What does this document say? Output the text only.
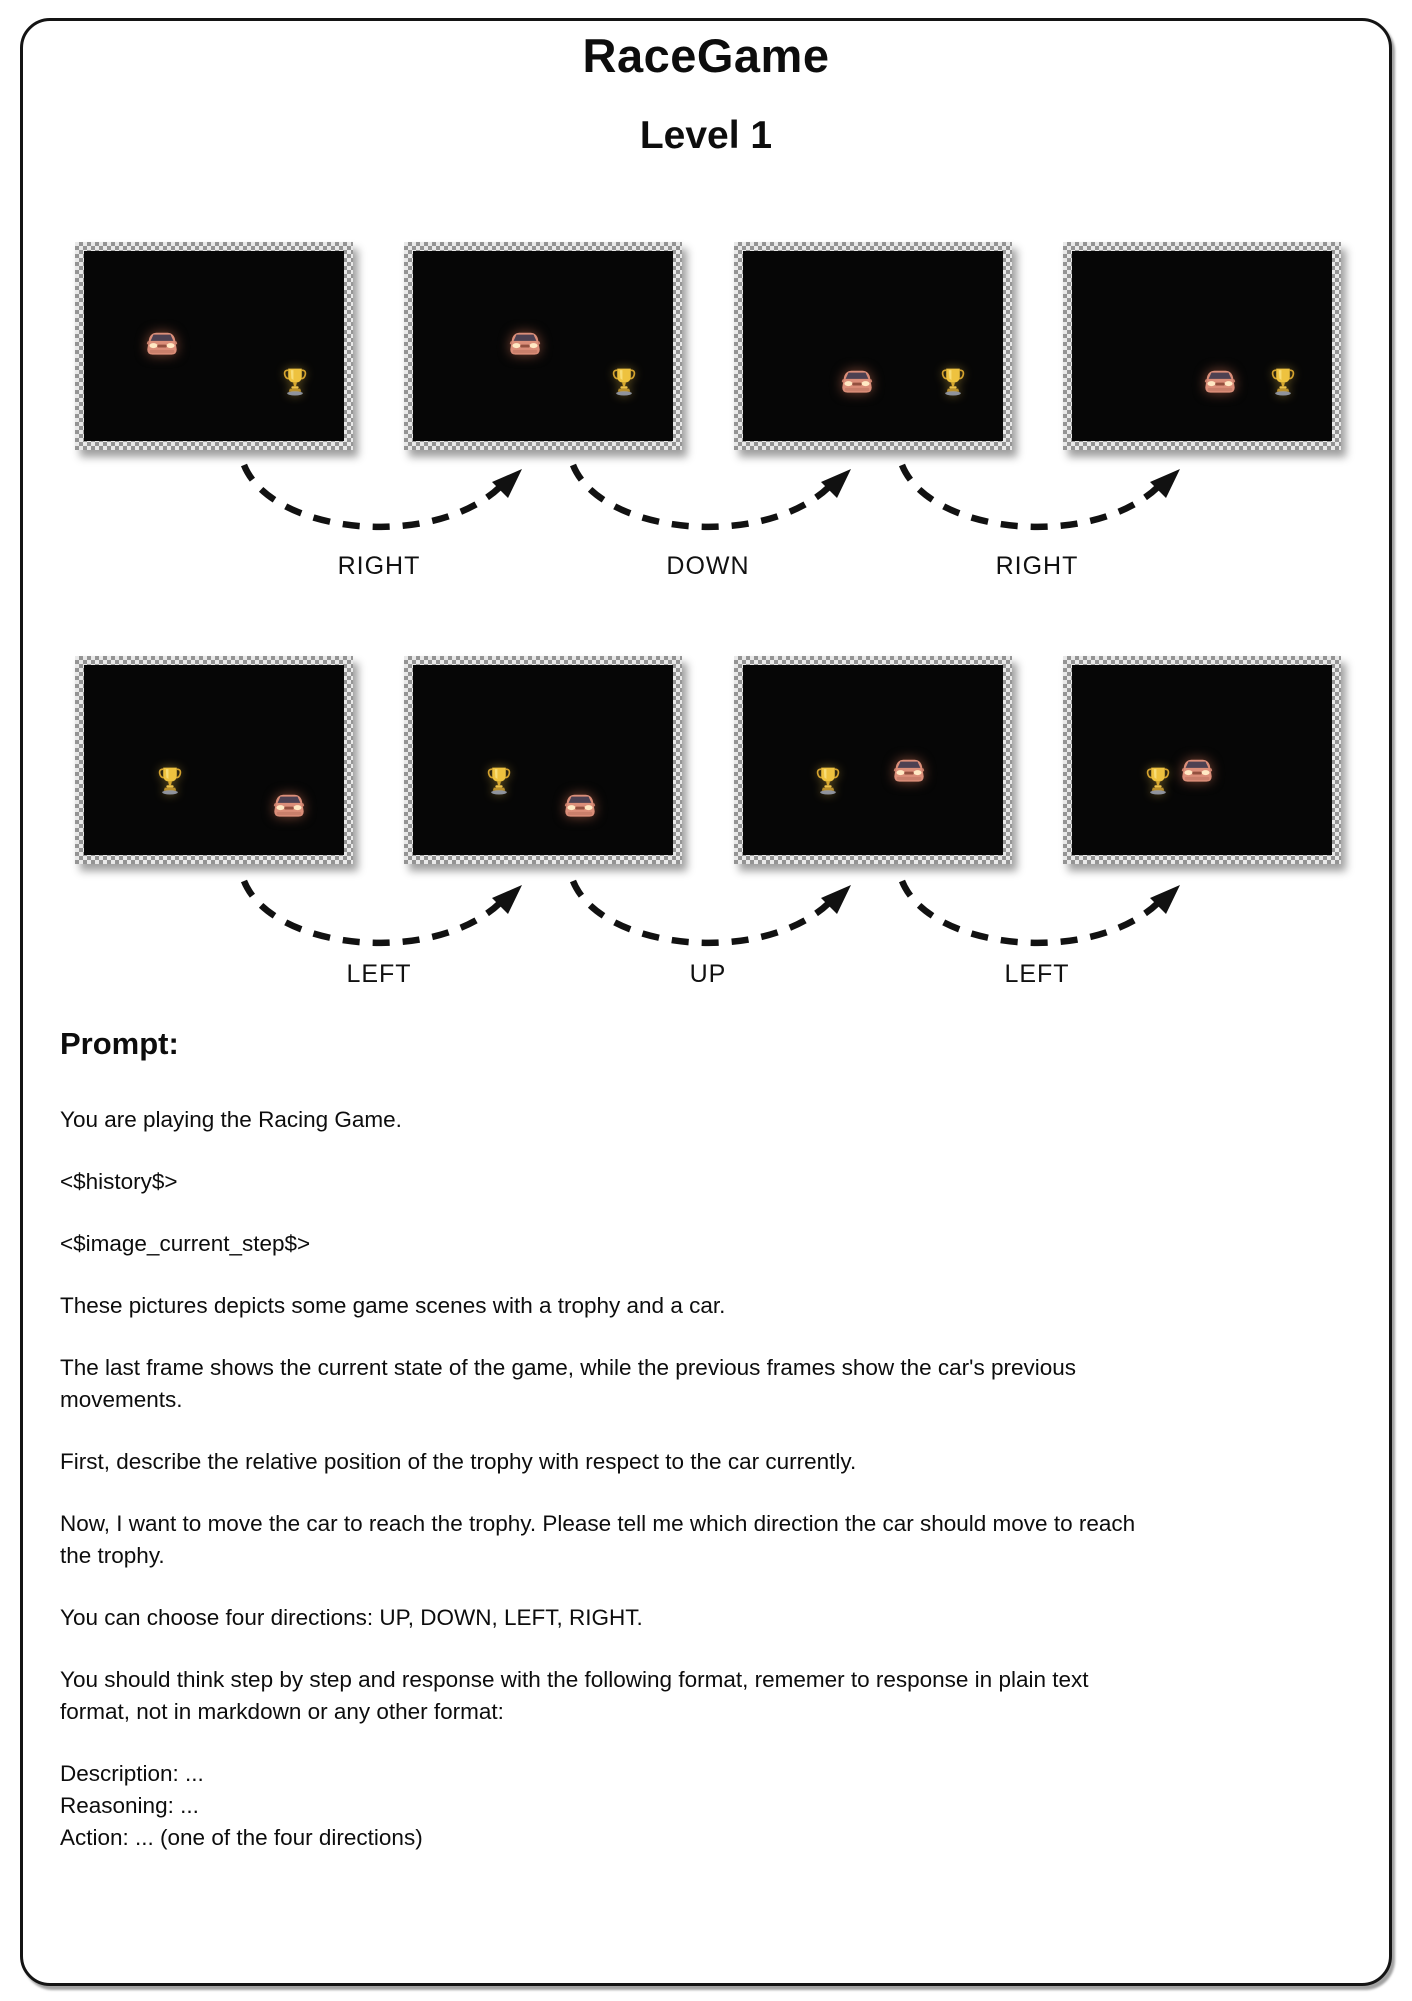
RaceGame
Level 1
RIGHT	DOWN	RIGHT
LEFT	UP	LEFT
Prompt:
You are playing the Racing Game.
<$history$>
<$image_current_step$>
These pictures depicts some game scenes with a trophy and a car.
The last frame shows the current state of the game, while the previous frames show the car's previous
movements.
First, describe the relative position of the trophy with respect to the car currently.
Now, I want to move the car to reach the trophy. Please tell me which direction the car should move to reach
the trophy.
You can choose four directions: UP, DOWN, LEFT, RIGHT.
You should think step by step and response with the following format, rememer to response in plain text
format, not in markdown or any other format:
Description: ...
Reasoning: ...
Action: ... (one of the four directions)
